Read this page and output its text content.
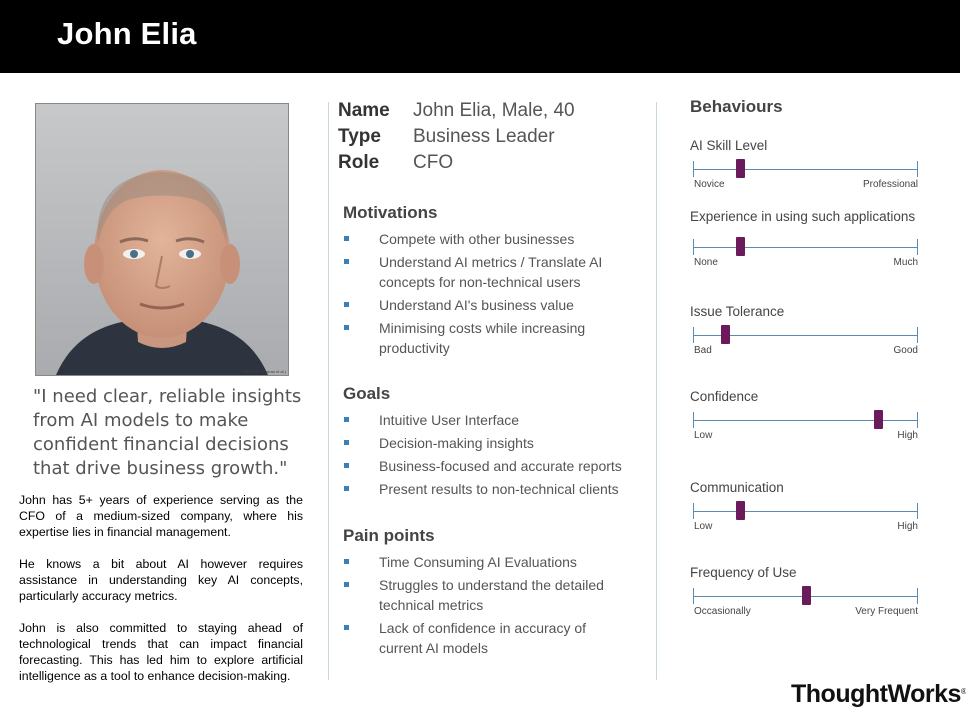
John Elia
StyleGAN2 (Karras et al.)

"I need clear, reliable insights from AI models to make confident financial decisions that drive business growth."

John has 5+ years of experience serving as the CFO of a medium-sized company, where his expertise lies in financial management.

He knows a bit about AI however requires assistance in understanding key AI concepts, particularly accuracy metrics.

John is also committed to staying ahead of technological trends that can impact financial forecasting. This has led him to explore artificial intelligence as a tool to enhance decision-making.

Name John Elia, Male, 40
Type Business Leader
Role CFO
Motivations
Compete with other businesses
Understand AI metrics / Translate AI concepts for non-technical users
Understand AI's business value
Minimising costs while increasing productivity
Goals
Intuitive User Interface
Decision-making insights
Business-focused and accurate reports
Present results to non-technical clients
Pain points
Time Consuming AI Evaluations
Struggles to understand the detailed technical metrics
Lack of confidence in accuracy of current AI models
Behaviours
AI Skill Level
Novice	Professional
Experience in using such applications
None	Much
Issue Tolerance
Bad	Good
Confidence
Low	High
Communication
Low	High
Frequency of Use
Occasionally	Very Frequent

ThoughtWorks®
